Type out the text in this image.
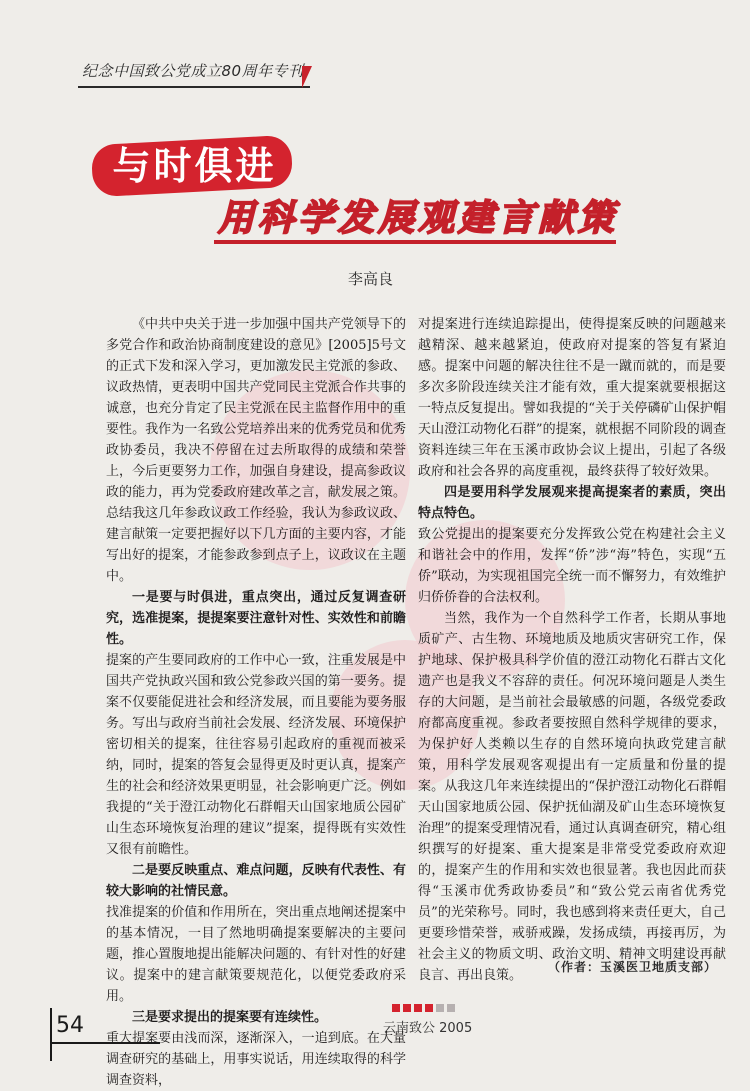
纪念中国致公党成立80周年专刊
与时俱进
用科学发展观建言献策
李高良

《中共中央关于进一步加强中国共产党领导下的多党合作和政治协商制度建设的意见》[2005]5号文的正式下发和深入学习，更加激发民主党派的参政、议政热情，更表明中国共产党同民主党派合作共事的诚意，也充分肯定了民主党派在民主监督作用中的重要性。我作为一名致公党培养出来的优秀党员和优秀政协委员，我决不停留在过去所取得的成绩和荣誉上，今后更要努力工作，加强自身建设，提高参政议政的能力，再为党委政府建改革之言，献发展之策。总结我这几年参政议政工作经验，我认为参政议政、建言献策一定要把握好以下几方面的主要内容，才能写出好的提案，才能参政参到点子上，议政议在主题中。

一是要与时俱进，重点突出，通过反复调查研究，选准提案，提提案要注意针对性、实效性和前瞻性。

提案的产生要同政府的工作中心一致，注重发展是中国共产党执政兴国和致公党参政兴国的第一要务。提案不仅要能促进社会和经济发展，而且要能为要务服务。写出与政府当前社会发展、经济发展、环境保护密切相关的提案，往往容易引起政府的重视而被采纳，同时，提案的答复会显得更及时更认真，提案产生的社会和经济效果更明显，社会影响更广泛。例如我提的“关于澄江动物化石群帽天山国家地质公园矿山生态环境恢复治理的建议”提案，提得既有实效性又很有前瞻性。

二是要反映重点、难点问题，反映有代表性、有较大影响的社情民意。

找准提案的价值和作用所在，突出重点地阐述提案中的基本情况，一目了然地明确提案要解决的主要问题，推心置腹地提出能解决问题的、有针对性的好建议。提案中的建言献策要规范化，以便党委政府采用。

三是要求提出的提案要有连续性。

重大提案要由浅而深，逐渐深入，一追到底。在大量调查研究的基础上，用事实说话，用连续取得的科学调查资料，

对提案进行连续追踪提出，使得提案反映的问题越来越精深、越来越紧迫，使政府对提案的答复有紧迫感。提案中问题的解决往往不是一蹴而就的，而是要多次多阶段连续关注才能有效，重大提案就要根据这一特点反复提出。譬如我提的“关于关停磷矿山保护帽天山澄江动物化石群”的提案，就根据不同阶段的调查资料连续三年在玉溪市政协会议上提出，引起了各级政府和社会各界的高度重视，最终获得了较好效果。

四是要用科学发展观来提高提案者的素质，突出特点特色。

致公党提出的提案要充分发挥致公党在构建社会主义和谐社会中的作用，发挥“侨”涉“海”特色，实现“五侨”联动，为实现祖国完全统一而不懈努力，有效维护归侨侨眷的合法权利。

当然，我作为一个自然科学工作者，长期从事地质矿产、古生物、环境地质及地质灾害研究工作，保护地球、保护极具科学价值的澄江动物化石群古文化遗产也是我义不容辞的责任。何况环境问题是人类生存的大问题，是当前社会最敏感的问题，各级党委政府都高度重视。参政者要按照自然科学规律的要求，为保护好人类赖以生存的自然环境向执政党建言献策，用科学发展观客观提出有一定质量和份量的提案。从我这几年来连续提出的“保护澄江动物化石群帽天山国家地质公园、保护抚仙湖及矿山生态环境恢复治理”的提案受理情况看，通过认真调查研究，精心组织撰写的好提案、重大提案是非常受党委政府欢迎的，提案产生的作用和实效也很显著。我也因此而获得“玉溪市优秀政协委员”和“致公党云南省优秀党员”的光荣称号。同时，我也感到将来责任更大，自己更要珍惜荣誉，戒骄戒躁，发扬成绩，再接再厉，为社会主义的物质文明、政治文明、精神文明建设再献良言、再出良策。

（作者：玉溪医卫地质支部）
云南致公 2005
54
